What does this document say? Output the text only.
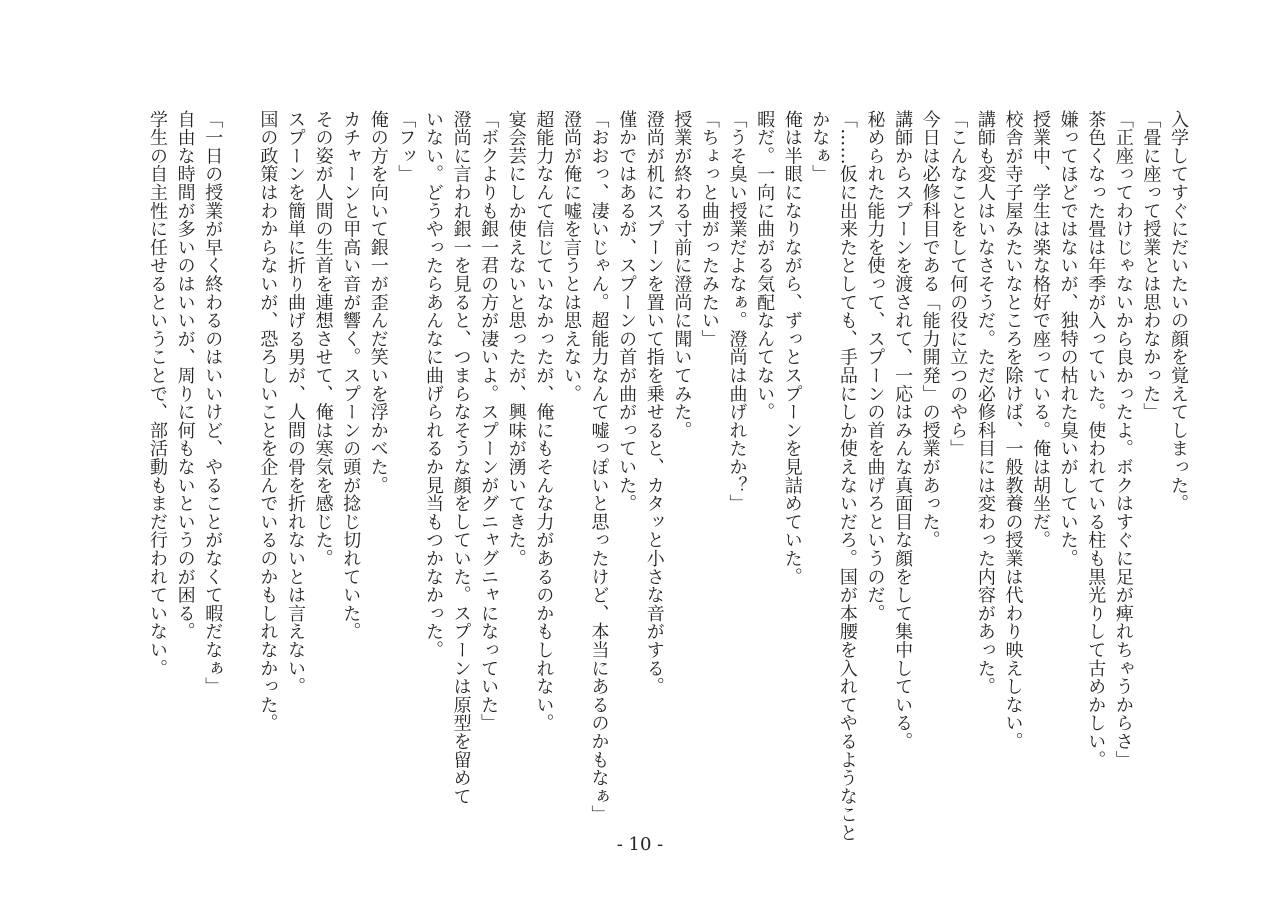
入学してすぐにだいたいの顔を覚えてしまった。
「畳に座って授業とは思わなかった」
「正座ってわけじゃないから良かったよ。ボクはすぐに足が痺れちゃうからさ」
茶色くなった畳は年季が入っていた。使われている柱も黒光りして古めかしい。
嫌ってほどではないが、独特の枯れた臭いがしていた。
授業中、学生は楽な格好で座っている。俺は胡坐だ。
校舎が寺子屋みたいなところを除けば、一般教養の授業は代わり映えしない。
講師も変人はいなさそうだ。ただ必修科目には変わった内容があった。
「こんなことをして何の役に立つのやら」
今日は必修科目である「能力開発」の授業があった。
講師からスプーンを渡されて、一応はみんな真面目な顔をして集中している。
秘められた能力を使って、スプーンの首を曲げろというのだ。
「……仮に出来たとしても、手品にしか使えないだろ。国が本腰を入れてやるようなこと
かなぁ」
俺は半眼になりながら、ずっとスプーンを見詰めていた。
暇だ。一向に曲がる気配なんてない。
「うそ臭い授業だよなぁ。澄尚は曲げれたか？」
「ちょっと曲がったみたい」
授業が終わる寸前に澄尚に聞いてみた。
澄尚が机にスプーンを置いて指を乗せると、カタッと小さな音がする。
僅かではあるが、スプーンの首が曲がっていた。
「おおっ、凄いじゃん。超能力なんて嘘っぽいと思ったけど、本当にあるのかもなぁ」
澄尚が俺に嘘を言うとは思えない。
超能力なんて信じていなかったが、俺にもそんな力があるのかもしれない。
宴会芸にしか使えないと思ったが、興味が湧いてきた。
「ボクよりも銀一君の方が凄いよ。スプーンがグニャグニャになっていた」
澄尚に言われ銀一を見ると、つまらなそうな顔をしていた。スプーンは原型を留めて
いない。どうやったらあんなに曲げられるか見当もつかなかった。
「フッ」
俺の方を向いて銀一が歪んだ笑いを浮かべた。
カチャーンと甲高い音が響く。スプーンの頭が捻じ切れていた。
その姿が人間の生首を連想させて、俺は寒気を感じた。
スプーンを簡単に折り曲げる男が、人間の骨を折れないとは言えない。
国の政策はわからないが、恐ろしいことを企んでいるのかもしれなかった。

「一日の授業が早く終わるのはいいけど、やることがなくて暇だなぁ」
自由な時間が多いのはいいが、周りに何もないというのが困る。
学生の自主性に任せるということで、部活動もまだ行われていない。
- 10 -
